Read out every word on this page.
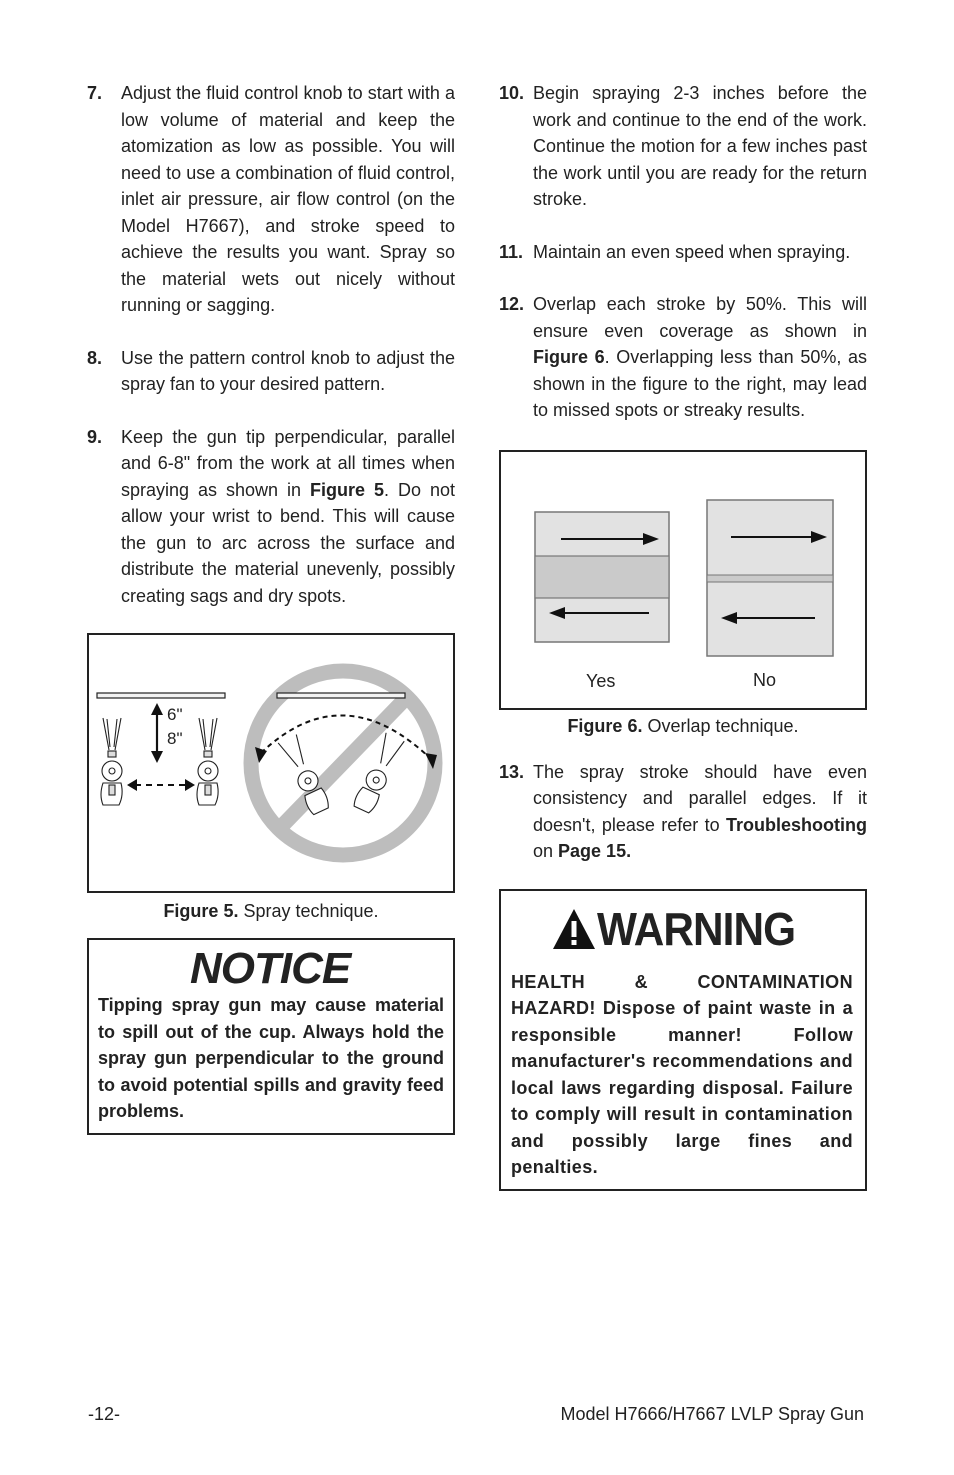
7. Adjust the fluid control knob to start with a low volume of material and keep the atomization as low as possible. You will need to use a combination of fluid control, inlet air pressure, air flow control (on the Model H7667), and stroke speed to achieve the results you want. Spray so the material wets out nicely without running or sagging.
8. Use the pattern control knob to adjust the spray fan to your desired pattern.
9. Keep the gun tip perpendicular, parallel and 6-8" from the work at all times when spraying as shown in Figure 5. Do not allow your wrist to bend. This will cause the gun to arc across the surface and distribute the material unevenly, possibly creating sags and dry spots.
6"
8"
Figure 5. Spray technique.
NOTICE
Tipping spray gun may cause material to spill out of the cup. Always hold the spray gun perpendicular to the ground to avoid potential spills and gravity feed problems.
10. Begin spraying 2-3 inches before the work and continue to the end of the work. Continue the motion for a few inches past the work until you are ready for the return stroke.
11. Maintain an even speed when spraying.
12. Overlap each stroke by 50%. This will ensure even coverage as shown in Figure 6. Overlapping less than 50%, as shown in the figure to the right, may lead to missed spots or streaky results.
Yes	No
Figure 6. Overlap technique.
13. The spray stroke should have even consistency and parallel edges. If it doesn't, please refer to Troubleshooting on Page 15.
WARNING
HEALTH & CONTAMINATION HAZARD! Dispose of paint waste in a responsible manner! Follow manufacturer's recommendations and local laws regarding disposal. Failure to comply will result in contamination and possibly large fines and penalties.
-12-	Model H7666/H7667 LVLP Spray Gun
